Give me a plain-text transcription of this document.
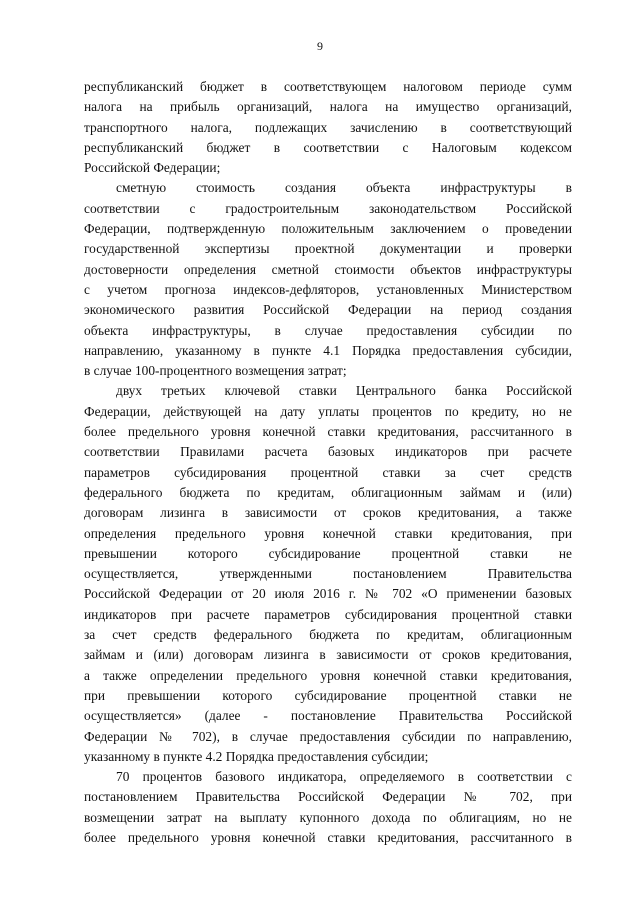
9
республиканский бюджет в соответствующем налоговом периоде сумм
налога на прибыль организаций, налога на имущество организаций,
транспортного налога, подлежащих зачислению в соответствующий
республиканский бюджет в соответствии с Налоговым кодексом
Российской Федерации;
сметную стоимость создания объекта инфраструктуры в
соответствии с градостроительным законодательством Российской
Федерации, подтвержденную положительным заключением о проведении
государственной экспертизы проектной документации и проверки
достоверности определения сметной стоимости объектов инфраструктуры
с учетом прогноза индексов-дефляторов, установленных Министерством
экономического развития Российской Федерации на период создания
объекта инфраструктуры, в случае предоставления субсидии по
направлению, указанному в пункте 4.1 Порядка предоставления субсидии,
в случае 100-процентного возмещения затрат;
двух третьих ключевой ставки Центрального банка Российской
Федерации, действующей на дату уплаты процентов по кредиту, но не
более предельного уровня конечной ставки кредитования, рассчитанного в
соответствии Правилами расчета базовых индикаторов при расчете
параметров субсидирования процентной ставки за счет средств
федерального бюджета по кредитам, облигационным займам и (или)
договорам лизинга в зависимости от сроков кредитования, а также
определения предельного уровня конечной ставки кредитования, при
превышении которого субсидирование процентной ставки не
осуществляется, утвержденными постановлением Правительства
Российской Федерации от 20 июля 2016 г. № 702 «О применении базовых
индикаторов при расчете параметров субсидирования процентной ставки
за счет средств федерального бюджета по кредитам, облигационным
займам и (или) договорам лизинга в зависимости от сроков кредитования,
а также определении предельного уровня конечной ставки кредитования,
при превышении которого субсидирование процентной ставки не
осуществляется» (далее - постановление Правительства Российской
Федерации № 702), в случае предоставления субсидии по направлению,
указанному в пункте 4.2 Порядка предоставления субсидии;
70 процентов базового индикатора, определяемого в соответствии с
постановлением Правительства Российской Федерации № 702, при
возмещении затрат на выплату купонного дохода по облигациям, но не
более предельного уровня конечной ставки кредитования, рассчитанного в
